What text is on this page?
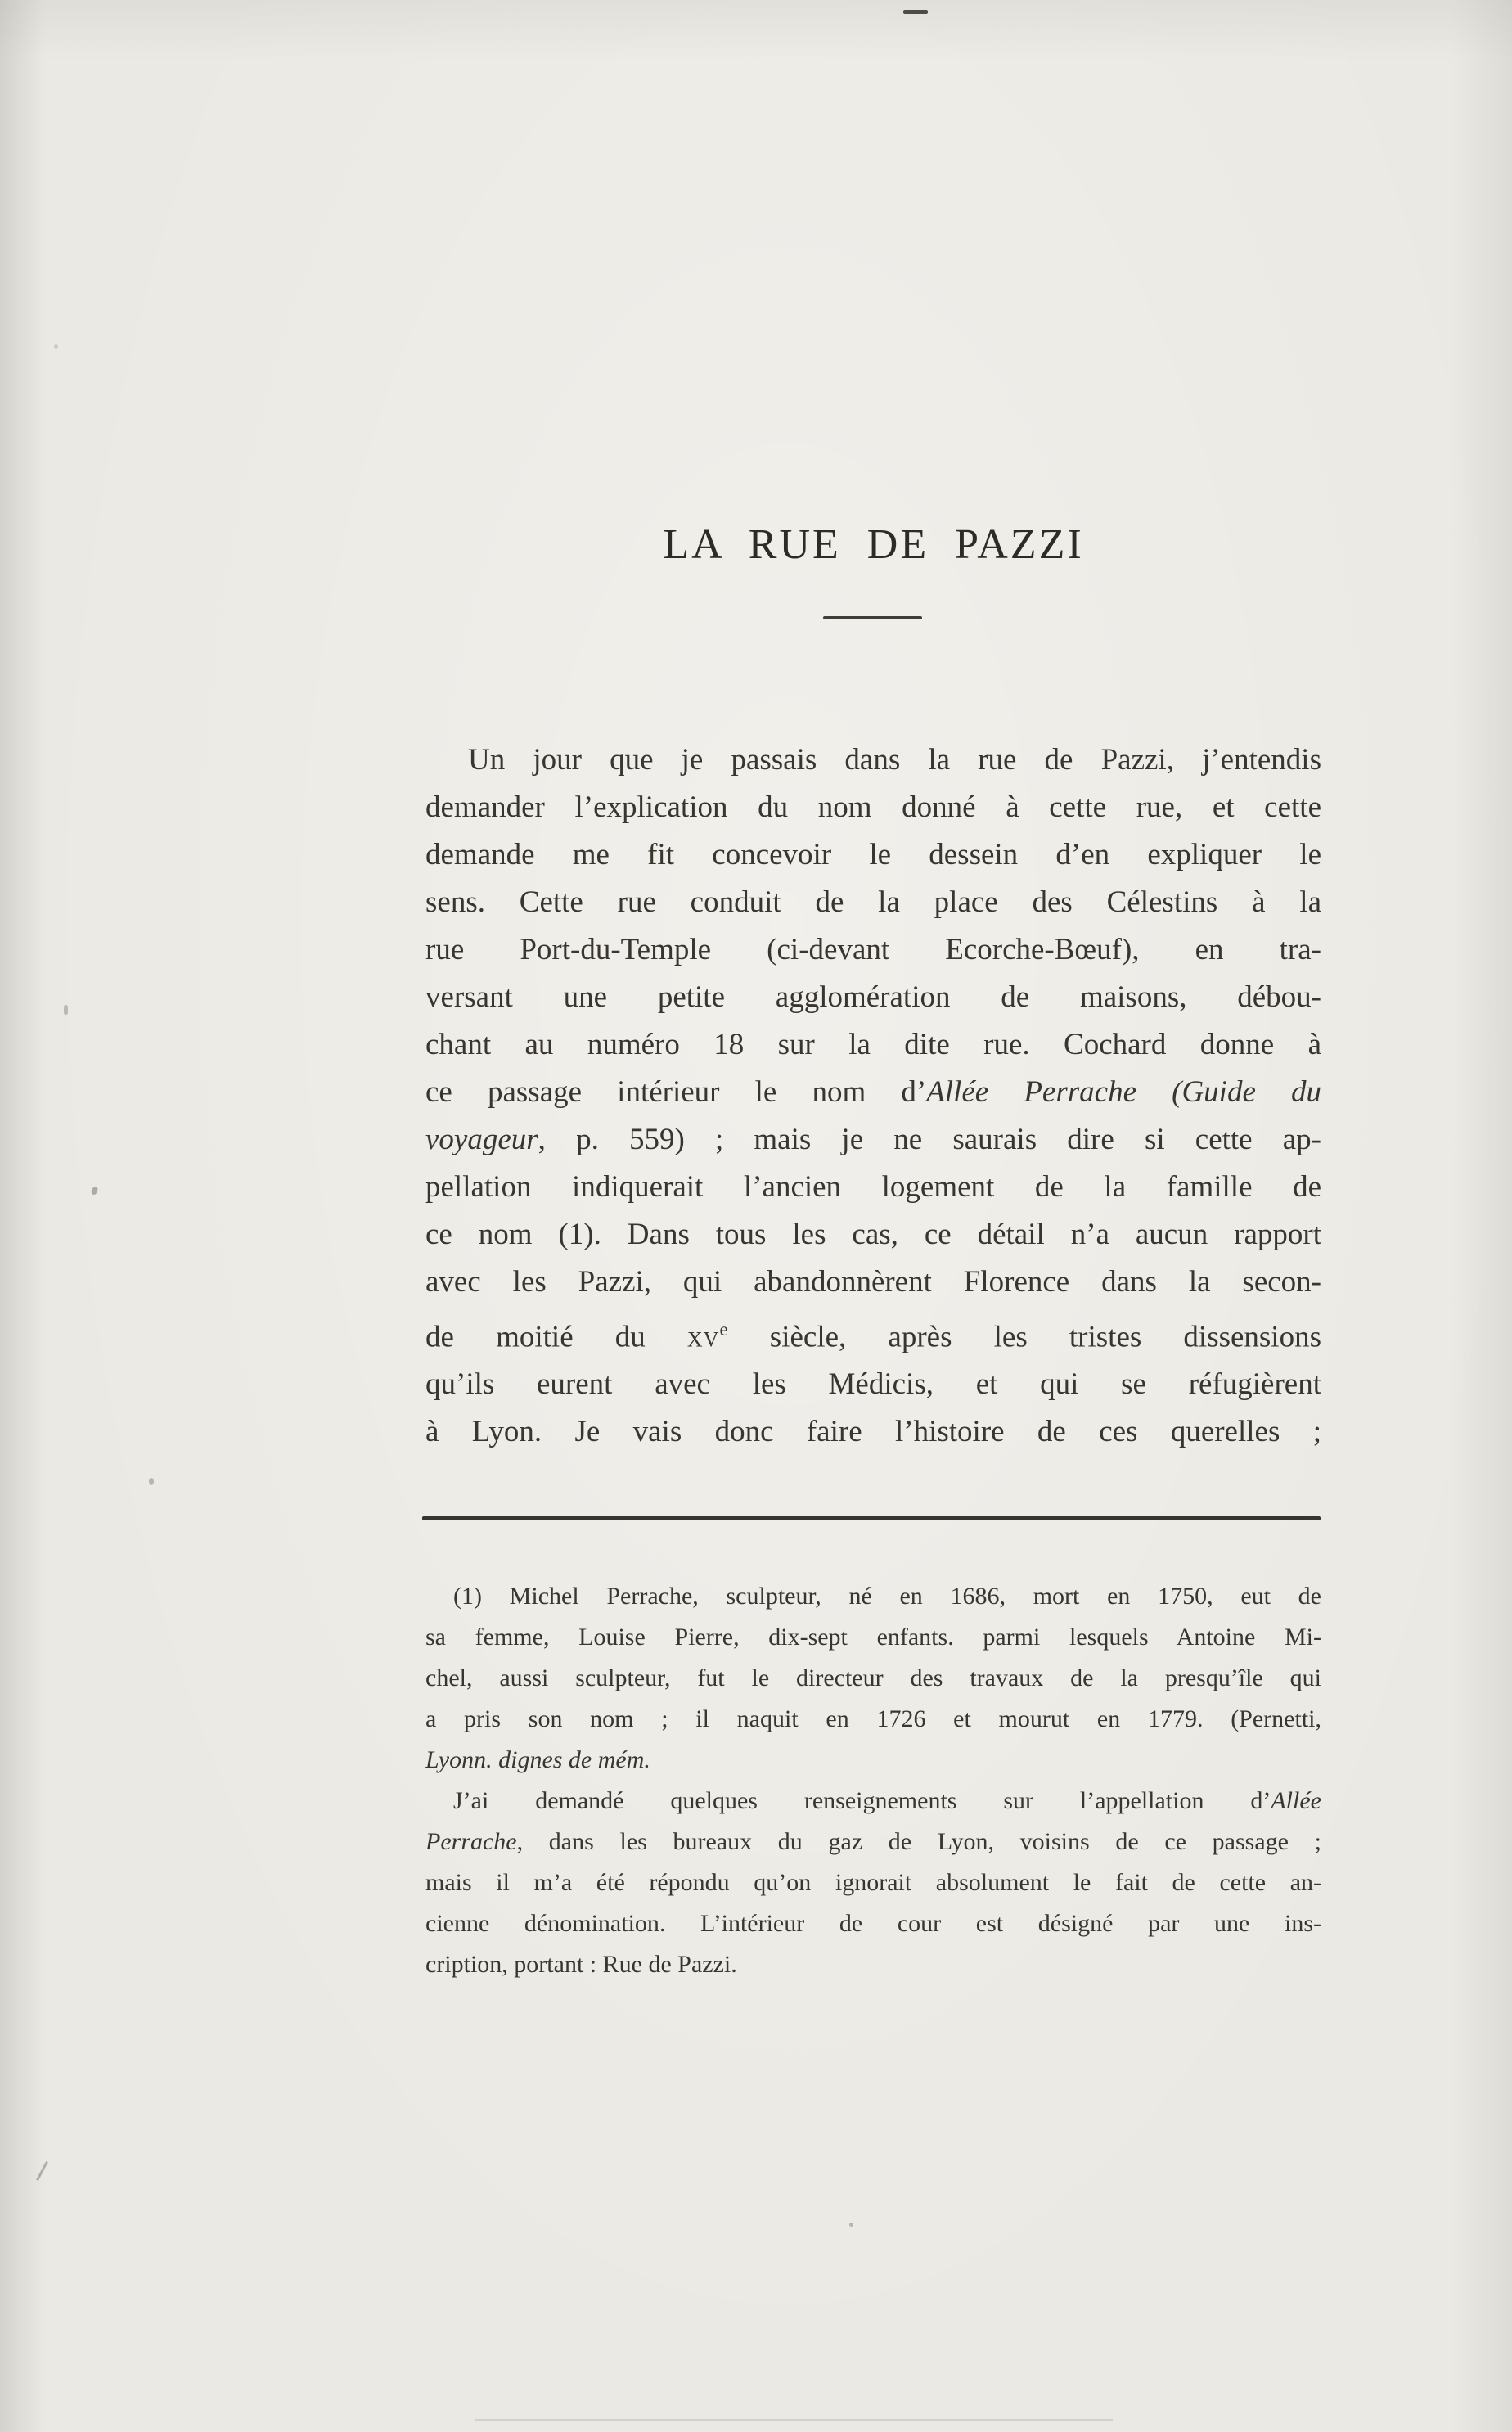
LA RUE DE PAZZI
Un jour que je passais dans la rue de Pazzi, j’entendis
demander l’explication du nom donné à cette rue, et cette
demande me fit concevoir le dessein d’en expliquer le
sens. Cette rue conduit de la place des Célestins à la
rue Port-du-Temple (ci-devant Ecorche-Bœuf), en tra-
versant une petite agglomération de maisons, débou-
chant au numéro 18 sur la dite rue. Cochard donne à
ce passage intérieur le nom d’Allée Perrache (Guide du
voyageur, p. 559) ; mais je ne saurais dire si cette ap-
pellation indiquerait l’ancien logement de la famille de
ce nom (1). Dans tous les cas, ce détail n’a aucun rapport
avec les Pazzi, qui abandonnèrent Florence dans la secon-
de moitié du $xv^e$ siècle, après les tristes dissensions
qu’ils eurent avec les Médicis, et qui se réfugièrent
à Lyon. Je vais donc faire l’histoire de ces querelles ;
(1) Michel Perrache, sculpteur, né en 1686, mort en 1750, eut de
sa femme, Louise Pierre, dix-sept enfants. parmi lesquels Antoine Mi-
chel, aussi sculpteur, fut le directeur des travaux de la presqu’île qui
a pris son nom ; il naquit en 1726 et mourut en 1779. (Pernetti,
Lyonn. dignes de mém.
J’ai demandé quelques renseignements sur l’appellation d’Allée
Perrache, dans les bureaux du gaz de Lyon, voisins de ce passage ;
mais il m’a été répondu qu’on ignorait absolument le fait de cette an-
cienne dénomination. L’intérieur de cour est désigné par une ins-
cription, portant : Rue de Pazzi.
